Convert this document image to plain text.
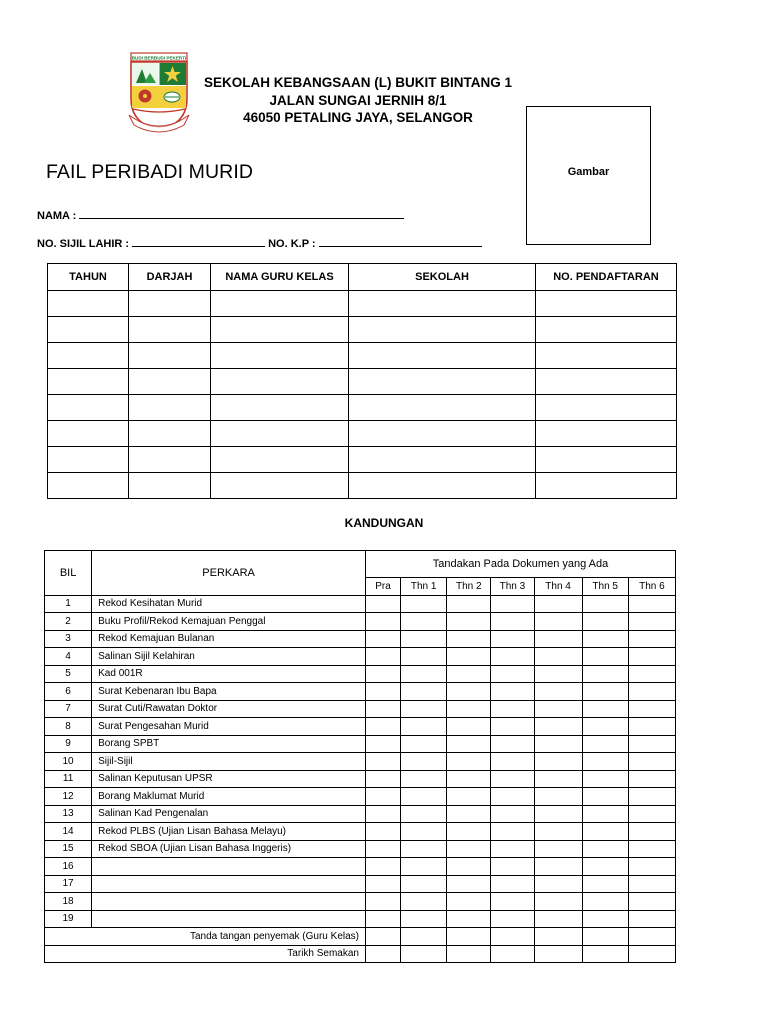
BUDI BERBUDI PEKERTI
SEKOLAH KEBANGSAAN (L) BUKIT BINTANG 1
JALAN SUNGAI JERNIH 8/1
46050 PETALING JAYA, SELANGOR
Gambar
FAIL PERIBADI MURID
NAMA :
NO. SIJIL LAHIR :	NO. K.P :
TAHUN	DARJAH	NAMA GURU KELAS	SEKOLAH	NO. PENDAFTARAN

KANDUNGAN
BIL	PERKARA	Tandakan Pada Dokumen yang Ada						
		Pra	Thn 1	Thn 2	Thn 3	Thn 4	Thn 5	Thn 6
1	Rekod Kesihatan Murid							
2	Buku Profil/Rekod Kemajuan Penggal							
3	Rekod Kemajuan Bulanan							
4	Salinan Sijil Kelahiran							
5	Kad 001R							
6	Surat Kebenaran Ibu Bapa							
7	Surat Cuti/Rawatan Doktor							
8	Surat Pengesahan Murid							
9	Borang SPBT							
10	Sijil-Sijil							
11	Salinan Keputusan UPSR							
12	Borang Maklumat Murid							
13	Salinan Kad Pengenalan							
14	Rekod PLBS (Ujian Lisan Bahasa Melayu)							
15	Rekod SBOA (Ujian Lisan Bahasa Inggeris)							
16								
17								
18								
19								
Tanda tangan penyemak (Guru Kelas)								
Tarikh Semakan								
